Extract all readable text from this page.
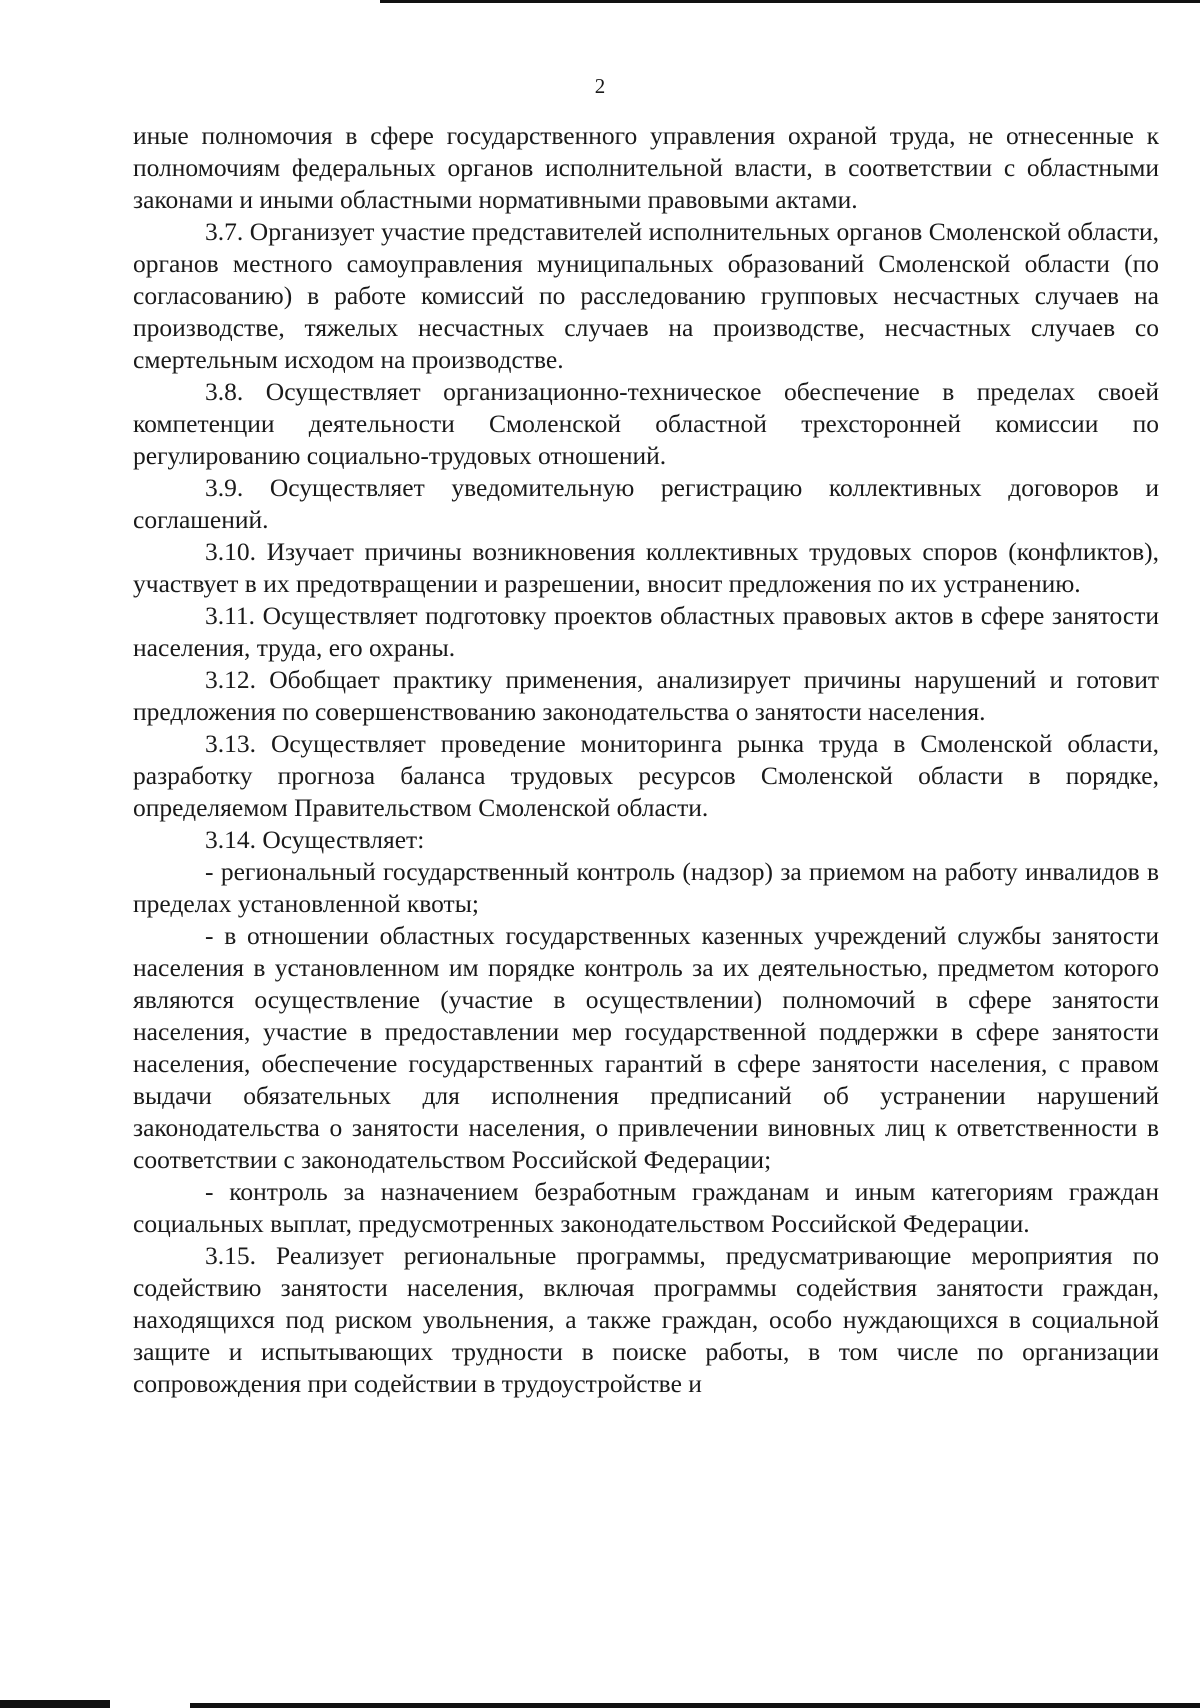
2

иные полномочия в сфере государственного управления охраной труда, не отнесенные к полномочиям федеральных органов исполнительной власти, в соответствии с областными законами и иными областными нормативными правовыми актами.

3.7. Организует участие представителей исполнительных органов Смоленской области, органов местного самоуправления муниципальных образований Смоленской области (по согласованию) в работе комиссий по расследованию групповых несчастных случаев на производстве, тяжелых несчастных случаев на производстве, несчастных случаев со смертельным исходом на производстве.

3.8. Осуществляет организационно-техническое обеспечение в пределах своей компетенции деятельности Смоленской областной трехсторонней комиссии по регулированию социально-трудовых отношений.

3.9. Осуществляет уведомительную регистрацию коллективных договоров и соглашений.

3.10. Изучает причины возникновения коллективных трудовых споров (конфликтов), участвует в их предотвращении и разрешении, вносит предложения по их устранению.

3.11. Осуществляет подготовку проектов областных правовых актов в сфере занятости населения, труда, его охраны.

3.12. Обобщает практику применения, анализирует причины нарушений и готовит предложения по совершенствованию законодательства о занятости населения.

3.13. Осуществляет проведение мониторинга рынка труда в Смоленской области, разработку прогноза баланса трудовых ресурсов Смоленской области в порядке, определяемом Правительством Смоленской области.

3.14. Осуществляет:

- региональный государственный контроль (надзор) за приемом на работу инвалидов в пределах установленной квоты;

- в отношении областных государственных казенных учреждений службы занятости населения в установленном им порядке контроль за их деятельностью, предметом которого являются осуществление (участие в осуществлении) полномочий в сфере занятости населения, участие в предоставлении мер государственной поддержки в сфере занятости населения, обеспечение государственных гарантий в сфере занятости населения, с правом выдачи обязательных для исполнения предписаний об устранении нарушений законодательства о занятости населения, о привлечении виновных лиц к ответственности в соответствии с законодательством Российской Федерации;

- контроль за назначением безработным гражданам и иным категориям граждан социальных выплат, предусмотренных законодательством Российской Федерации.

3.15. Реализует региональные программы, предусматривающие мероприятия по содействию занятости населения, включая программы содействия занятости граждан, находящихся под риском увольнения, а также граждан, особо нуждающихся в социальной защите и испытывающих трудности в поиске работы, в том числе по организации сопровождения при содействии в трудоустройстве и
